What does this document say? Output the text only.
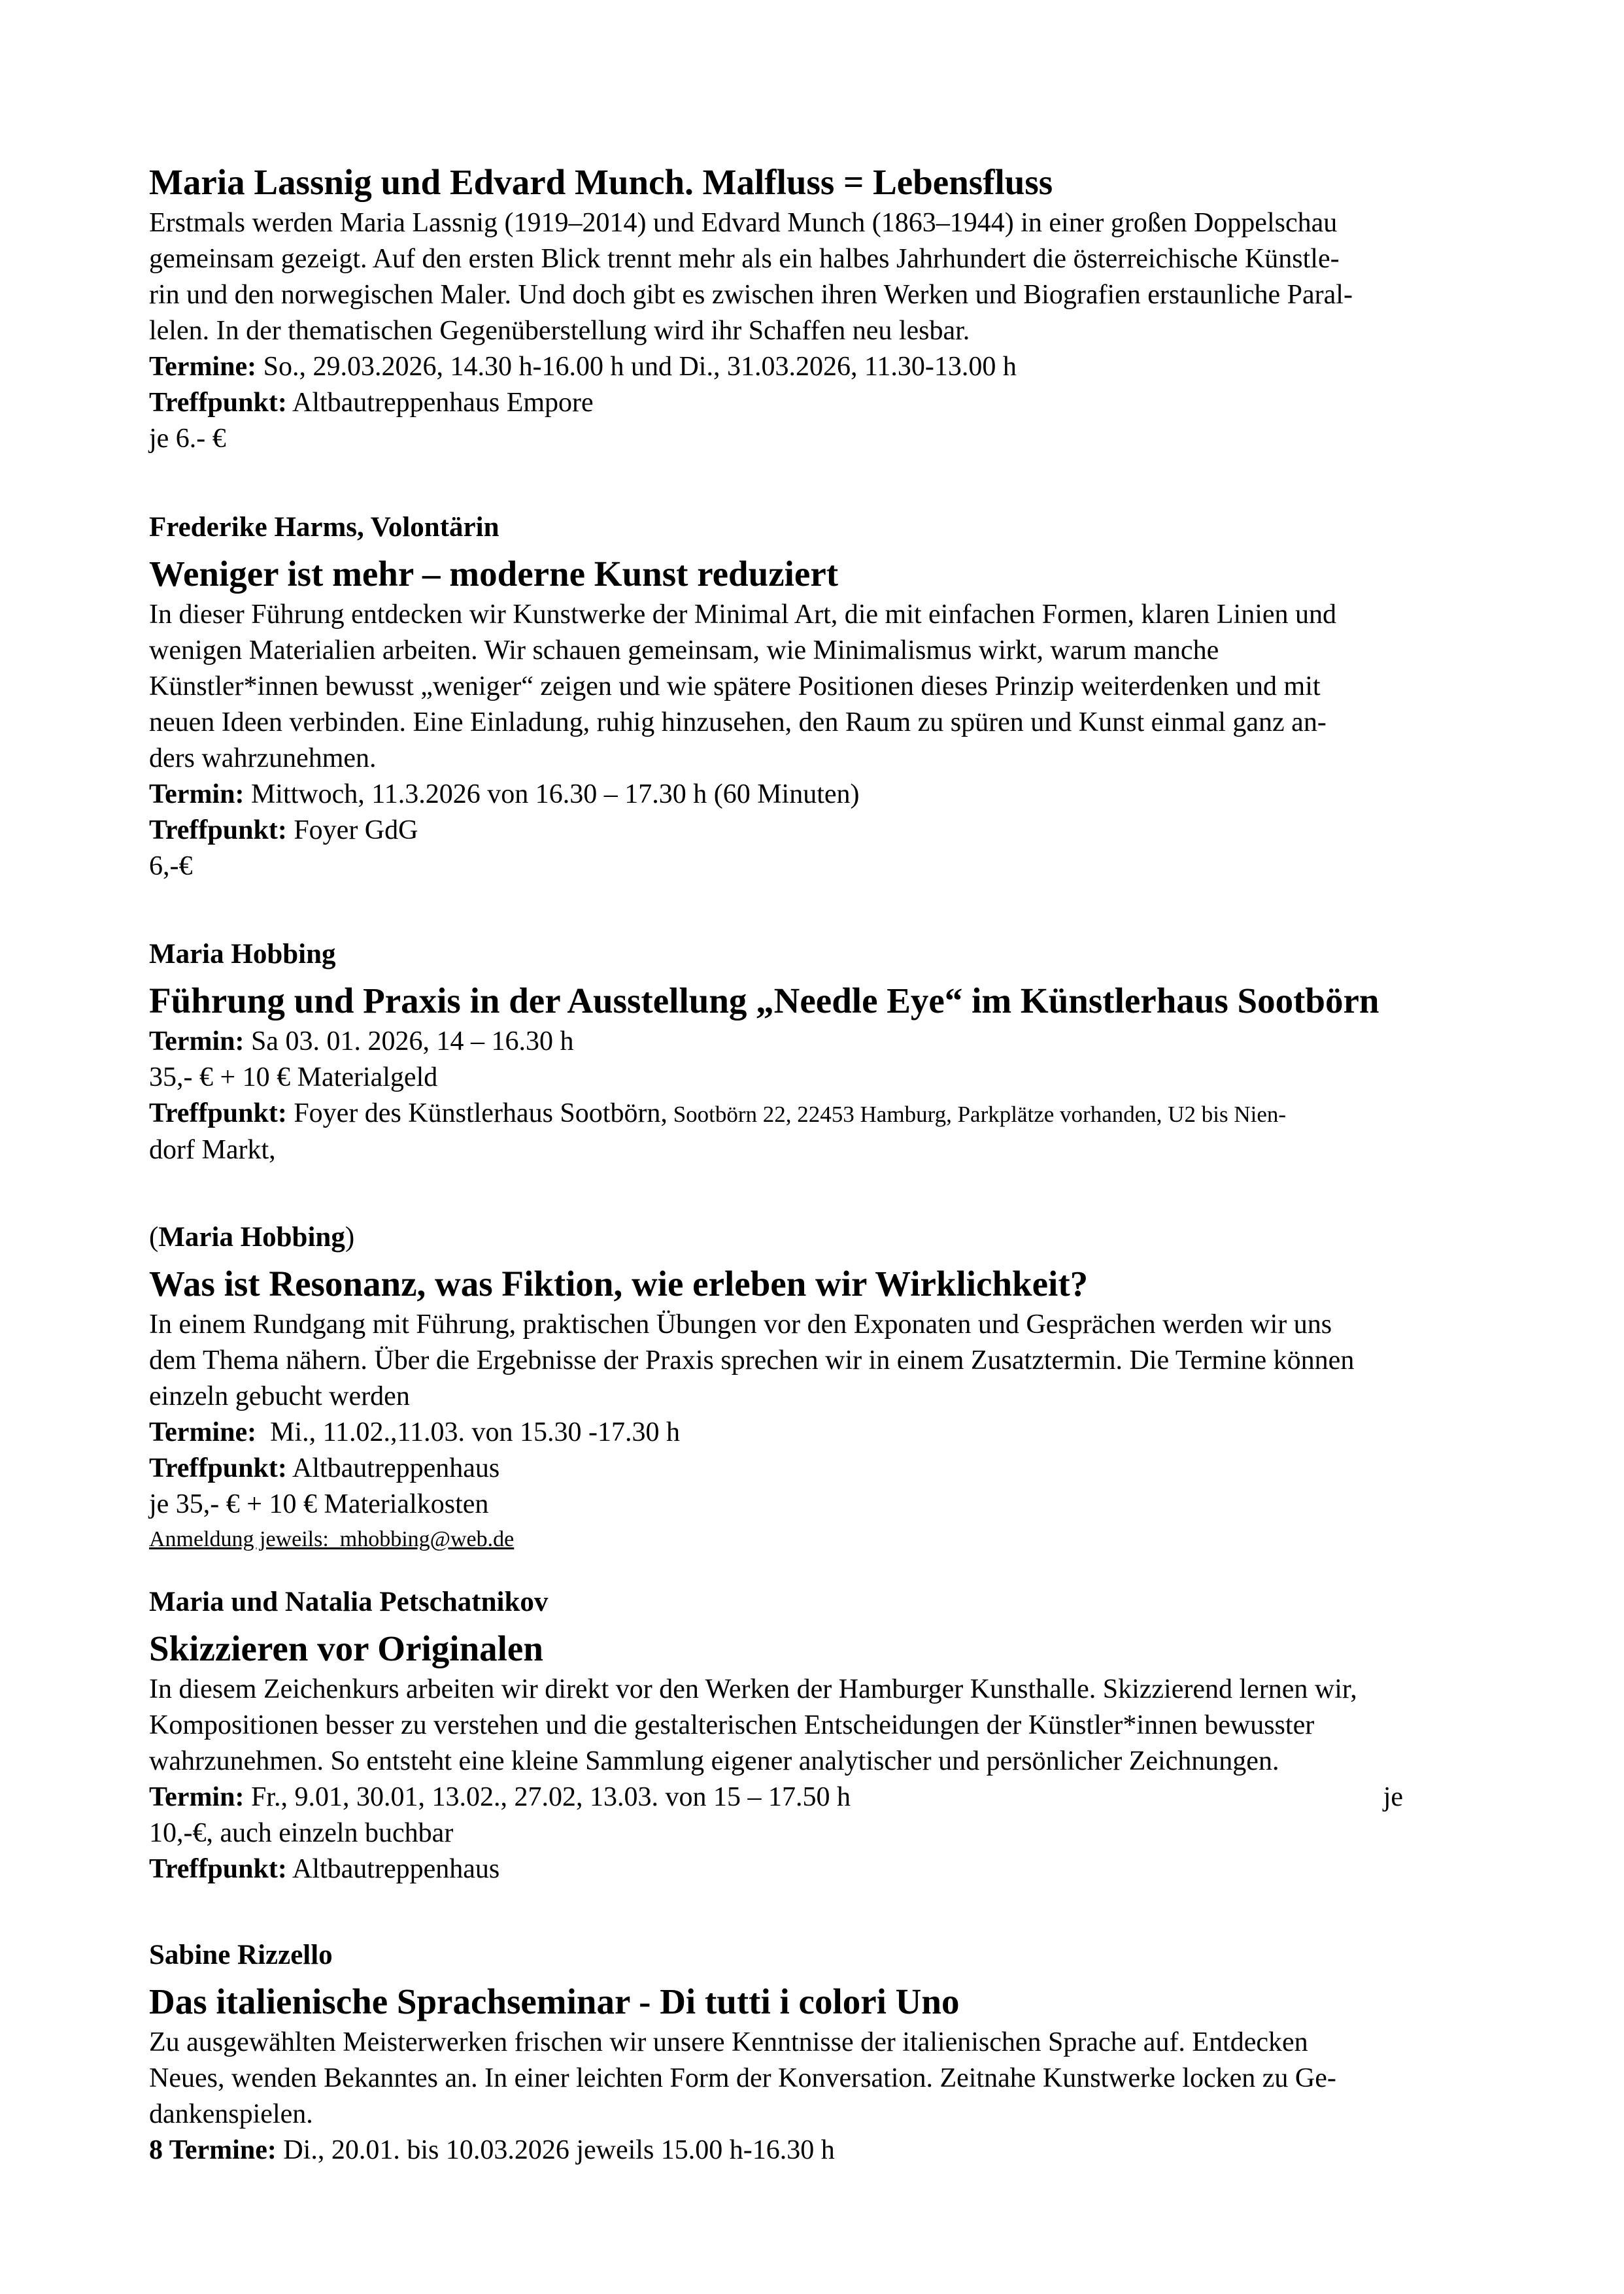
Maria Lassnig und Edvard Munch. Malfluss = Lebensfluss

Erstmals werden Maria Lassnig (1919–2014) und Edvard Munch (1863–1944) in einer großen Doppelschau

gemeinsam gezeigt. Auf den ersten Blick trennt mehr als ein halbes Jahrhundert die österreichische Künstle-

rin und den norwegischen Maler. Und doch gibt es zwischen ihren Werken und Biografien erstaunliche Paral-

lelen. In der thematischen Gegenüberstellung wird ihr Schaffen neu lesbar.

Termine: So., 29.03.2026, 14.30 h-16.00 h und Di., 31.03.2026, 11.30-13.00 h

Treffpunkt: Altbautreppenhaus Empore

je 6.- €

Frederike Harms, Volontärin
Weniger ist mehr – moderne Kunst reduziert

In dieser Führung entdecken wir Kunstwerke der Minimal Art, die mit einfachen Formen, klaren Linien und

wenigen Materialien arbeiten. Wir schauen gemeinsam, wie Minimalismus wirkt, warum manche

Künstler*innen bewusst „weniger“ zeigen und wie spätere Positionen dieses Prinzip weiterdenken und mit

neuen Ideen verbinden. Eine Einladung, ruhig hinzusehen, den Raum zu spüren und Kunst einmal ganz an-

ders wahrzunehmen.

Termin: Mittwoch, 11.3.2026 von 16.30 – 17.30 h (60 Minuten)

Treffpunkt: Foyer GdG

6,-€

Maria Hobbing
Führung und Praxis in der Ausstellung „Needle Eye“ im Künstlerhaus Sootbörn

Termin: Sa 03. 01. 2026, 14 – 16.30 h

35,- € + 10 € Materialgeld

Treffpunkt: Foyer des Künstlerhaus Sootbörn, Sootbörn 22, 22453 Hamburg, Parkplätze vorhanden, U2 bis Nien-

dorf Markt,

(Maria Hobbing)
Was ist Resonanz, was Fiktion, wie erleben wir Wirklichkeit?

In einem Rundgang mit Führung, praktischen Übungen vor den Exponaten und Gesprächen werden wir uns

dem Thema nähern. Über die Ergebnisse der Praxis sprechen wir in einem Zusatztermin. Die Termine können

einzeln gebucht werden

Termine:  Mi., 11.02.,11.03. von 15.30 -17.30 h

Treffpunkt: Altbautreppenhaus

je 35,- € + 10 € Materialkosten

Anmeldung jeweils:  mhobbing@web.de

Maria und Natalia Petschatnikov
Skizzieren vor Originalen

In diesem Zeichenkurs arbeiten wir direkt vor den Werken der Hamburger Kunsthalle. Skizzierend lernen wir,

Kompositionen besser zu verstehen und die gestalterischen Entscheidungen der Künstler*innen bewusster

wahrzunehmen. So entsteht eine kleine Sammlung eigener analytischer und persönlicher Zeichnungen.

Termin: Fr., 9.01, 30.01, 13.02., 27.02, 13.03. von 15 – 17.50 h	je

10,-€, auch einzeln buchbar

Treffpunkt: Altbautreppenhaus

Sabine Rizzello
Das italienische Sprachseminar - Di tutti i colori Uno

Zu ausgewählten Meisterwerken frischen wir unsere Kenntnisse der italienischen Sprache auf. Entdecken

Neues, wenden Bekanntes an. In einer leichten Form der Konversation. Zeitnahe Kunstwerke locken zu Ge-

dankenspielen.

8 Termine: Di., 20.01. bis 10.03.2026 jeweils 15.00 h-16.30 h
